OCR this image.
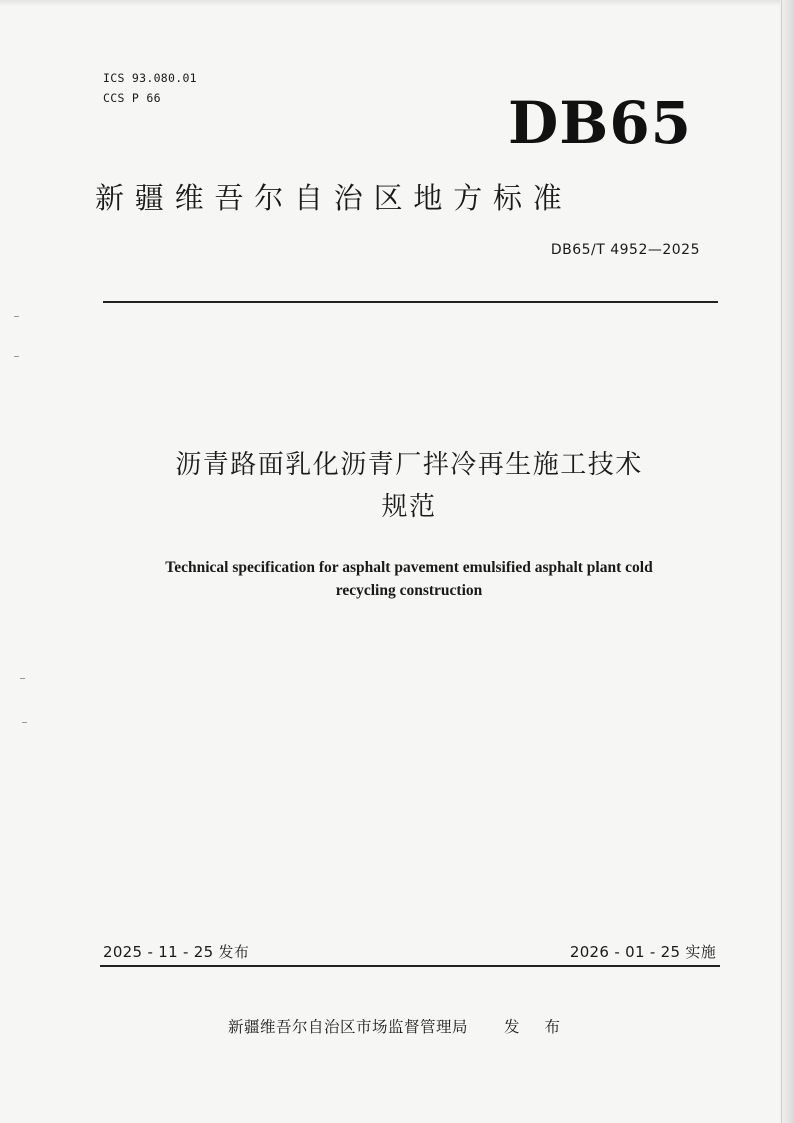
ICS 93.080.01
CCS P 66	DB65
新疆维吾尔自治区地方标准
DB65/T 4952—2025
沥青路面乳化沥青厂拌冷再生施工技术
规范
Technical specification for asphalt pavement emulsified asphalt plant cold
recycling construction
2025 - 11 - 25 发布	2026 - 01 - 25 实施
新疆维吾尔自治区市场监督管理局 发 布
